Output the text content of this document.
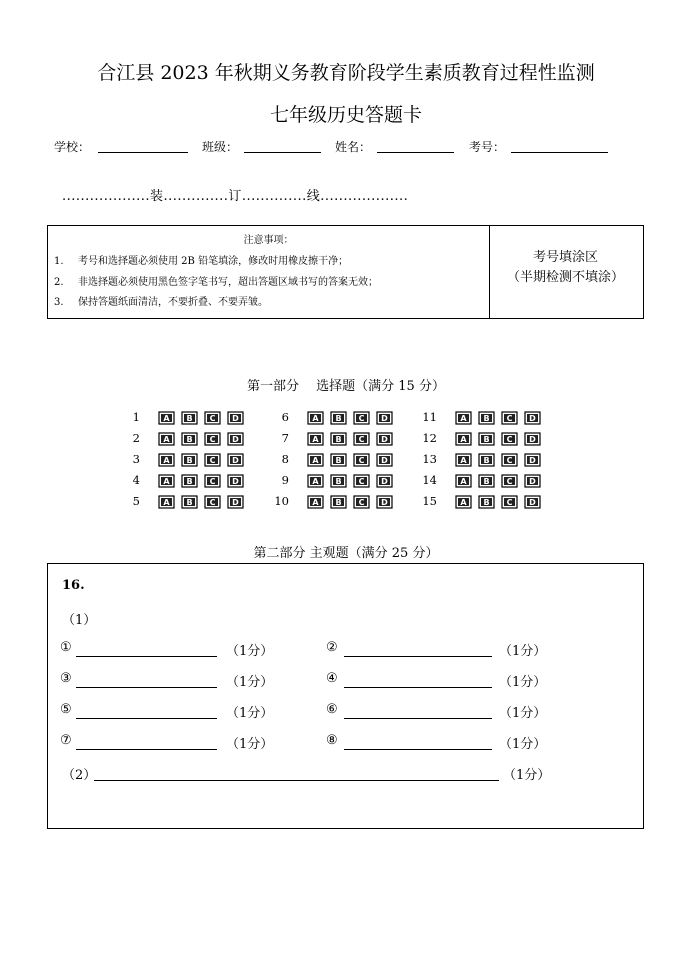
合江县 2023 年秋期义务教育阶段学生素质教育过程性监测
七年级历史答题卡
学校：	班级：	姓名：	考号：
...................装..............订..............线...................
注意事项：
1. 考号和选择题必须使用 2B 铅笔填涂，修改时用橡皮擦干净；
2. 非选择题必须使用黑色签字笔书写，超出答题区域书写的答案无效；
3. 保持答题纸面清洁，不要折叠、不要弄皱。
考号填涂区
（半期检测不填涂）
第一部分　 选择题（满分 15 分）
1	A B C D
2	A B C D
3	A B C D
4	A B C D
5	A B C D
6	A B C D
7	A B C D
8	A B C D
9	A B C D
10	A B C D
11	A B C D
12	A B C D
13	A B C D
14	A B C D
15	A B C D
第二部分 主观题（满分 25 分）
16.
（1）
①	（1分）	②	（1分）
③	（1分）	④	（1分）
⑤	（1分）	⑥	（1分）
⑦	（1分）	⑧	（1分）
（2）	（1分）
